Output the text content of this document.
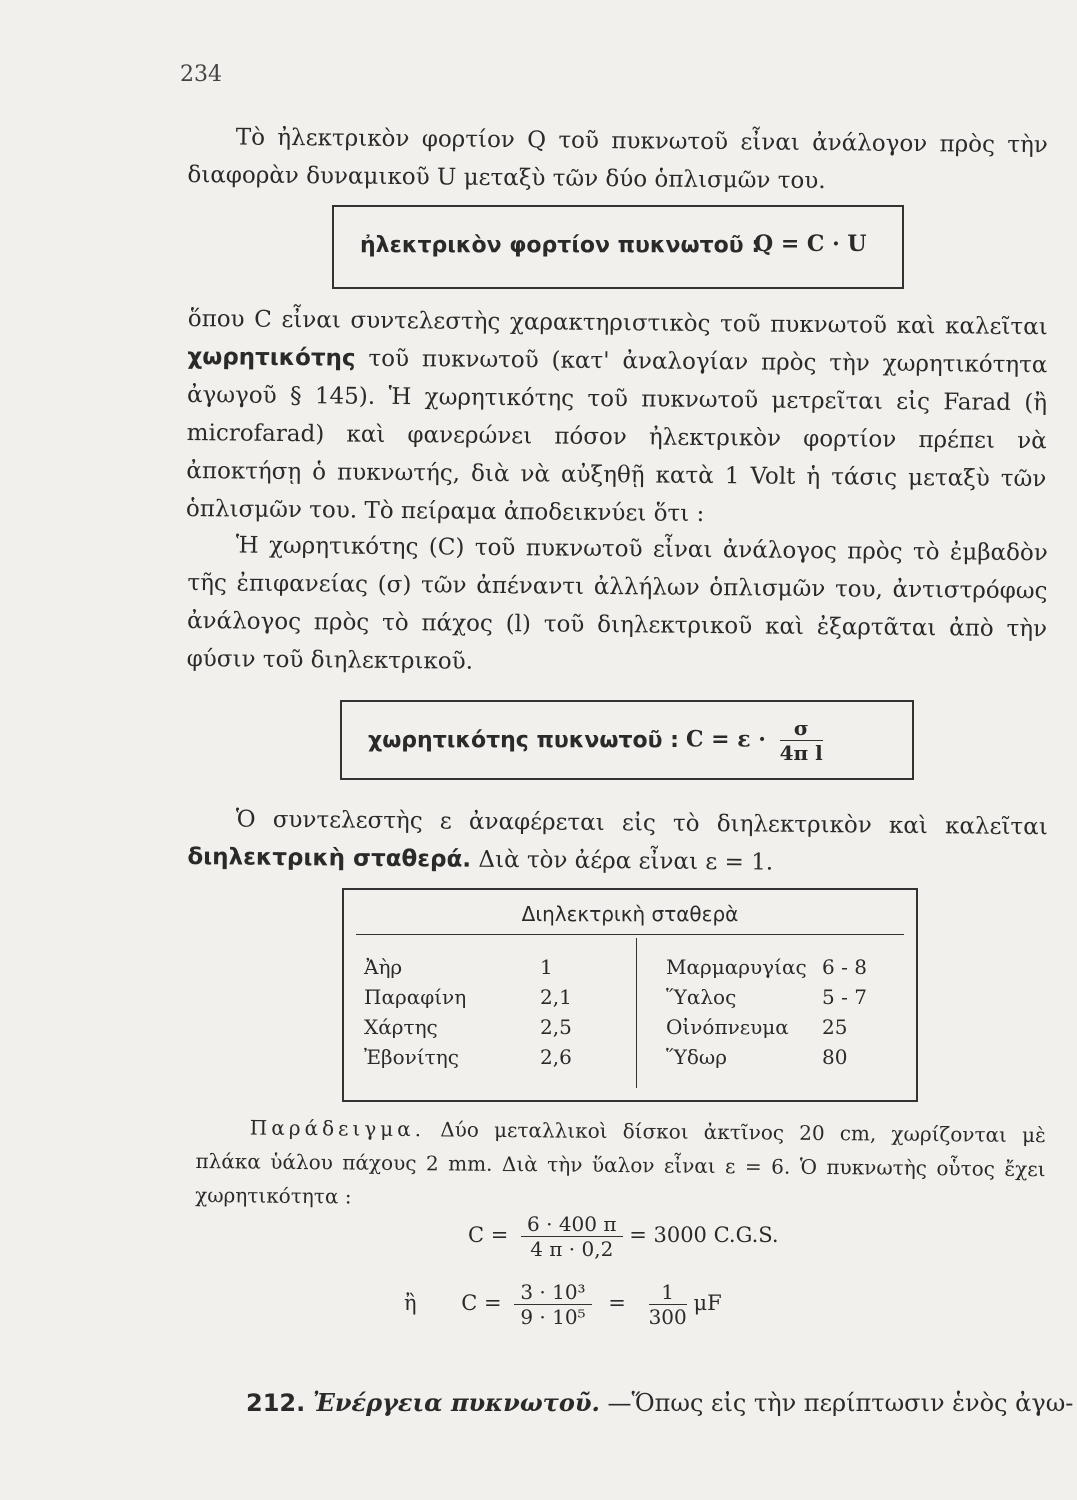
234
Τὸ ἠλεκτρικὸν φορτίον Q τοῦ πυκνωτοῦ εἶναι ἀνάλογον πρὸς τὴν διαφορὰν δυναμικοῦ U μεταξὺ τῶν δύο ὁπλισμῶν του.
ἠλεκτρικὸν φορτίον πυκνωτοῦ :
Q = C · U
ὅπου C εἶναι συντελεστὴς χαρακτηριστικὸς τοῦ πυκνωτοῦ καὶ καλεῖται χωρητικότης τοῦ πυκνωτοῦ (κατ' ἀναλογίαν πρὸς τὴν χωρητικότητα ἀγωγοῦ § 145). Ἡ χωρητικότης τοῦ πυκνωτοῦ μετρεῖται εἰς Farad (ἢ microfarad) καὶ φανερώνει πόσον ἠλεκτρικὸν φορτίον πρέπει νὰ ἀποκτήσῃ ὁ πυκνωτής, διὰ νὰ αὐξηθῇ κατὰ 1 Volt ἡ τάσις μεταξὺ τῶν ὁπλισμῶν του. Τὸ πείραμα ἀποδεικνύει ὅτι :
Ἡ χωρητικότης (C) τοῦ πυκνωτοῦ εἶναι ἀνάλογος πρὸς τὸ ἐμβαδὸν τῆς ἐπιφανείας (σ) τῶν ἀπέναντι ἀλλήλων ὁπλισμῶν του, ἀντιστρόφως ἀνάλογος πρὸς τὸ πάχος (l) τοῦ διηλεκτρικοῦ καὶ ἐξαρτᾶται ἀπὸ τὴν φύσιν τοῦ διηλεκτρικοῦ.
χωρητικότης πυκνωτοῦ : $C = \varepsilon \cdot \frac{\sigma}{\text{4π l}}$
Ὁ συντελεστὴς ε ἀναφέρεται εἰς τὸ διηλεκτρικὸν καὶ καλεῖται διηλεκτρικὴ σταθερά. Διὰ τὸν ἀέρα εἶναι ε = 1.
Διηλεκτρικὴ σταθερὰ
Ἀὴρ
Παραφίνη
Χάρτης
Ἐβονίτης
1
2,1
2,5
2,6
Μαρμαρυγίας
Ὕαλος
Οἰνόπνευμα
Ὕδωρ
6 - 8
5 - 7
25
80
Παράδειγμα. Δύο μεταλλικοὶ δίσκοι ἀκτῖνος 20 cm, χωρίζονται μὲ πλάκα ὑάλου πάχους 2 mm. Διὰ τὴν ὕαλον εἶναι ε = 6. Ὁ πυκνωτὴς οὗτος ἔχει χωρητικότητα :
$C = \frac{6 \cdot 400 \pi}{4 \pi \cdot 0,2} = 3000$ C.G.S.
ἢ $C = \frac{\text{3 · 10³}}{\text{9 · 10⁵}} = \frac{1}{300}$ μF
212. Ἐνέργεια πυκνωτοῦ. —Ὅπως εἰς τὴν περίπτωσιν ἑνὸς ἀγω-
